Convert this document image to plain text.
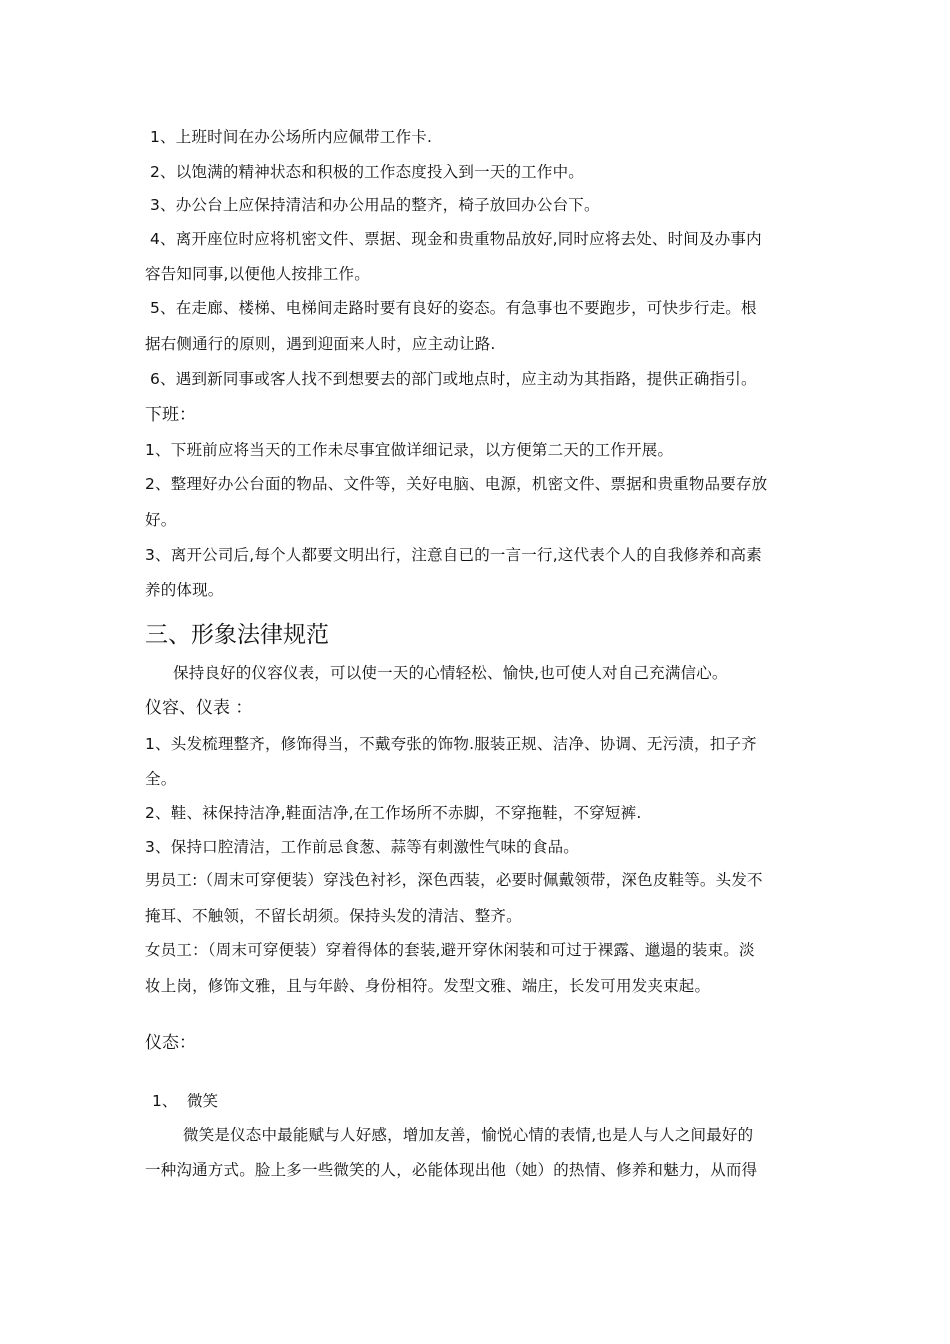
1、上班时间在办公场所内应佩带工作卡.
2、以饱满的精神状态和积极的工作态度投入到一天的工作中。
3、办公台上应保持清洁和办公用品的整齐，椅子放回办公台下。
4、离开座位时应将机密文件、票据、现金和贵重物品放好,同时应将去处、时间及办事内
容告知同事,以便他人按排工作。
5、在走廊、楼梯、电梯间走路时要有良好的姿态。有急事也不要跑步，可快步行走。根
据右侧通行的原则，遇到迎面来人时，应主动让路.
6、遇到新同事或客人找不到想要去的部门或地点时，应主动为其指路，提供正确指引。
下班：
1、下班前应将当天的工作未尽事宜做详细记录，以方便第二天的工作开展。
2、整理好办公台面的物品、文件等，关好电脑、电源，机密文件、票据和贵重物品要存放
好。
3、离开公司后,每个人都要文明出行，注意自已的一言一行,这代表个人的自我修养和高素
养的体现。
三、形象法律规范
保持良好的仪容仪表，可以使一天的心情轻松、愉快,也可使人对自己充满信心。
仪容、仪表 ：
1、头发梳理整齐，修饰得当，不戴夸张的饰物.服装正规、洁净、协调、无污渍，扣子齐
全。
2、鞋、袜保持洁净,鞋面洁净,在工作场所不赤脚，不穿拖鞋，不穿短裤.
3、保持口腔清洁，工作前忌食葱、蒜等有刺激性气味的食品。
男员工:（周末可穿便装）穿浅色衬衫，深色西装，必要时佩戴领带，深色皮鞋等。头发不
掩耳、不触领，不留长胡须。保持头发的清洁、整齐。
女员工：（周末可穿便装）穿着得体的套装,避开穿休闲装和可过于裸露、邋遢的装束。淡
妆上岗，修饰文雅，且与年龄、身份相符。发型文雅、端庄，长发可用发夹束起。
仪态：
1、 微笑
微笑是仪态中最能赋与人好感，增加友善，愉悦心情的表情,也是人与人之间最好的
一种沟通方式。脸上多一些微笑的人，必能体现出他（她）的热情、修养和魅力，从而得
